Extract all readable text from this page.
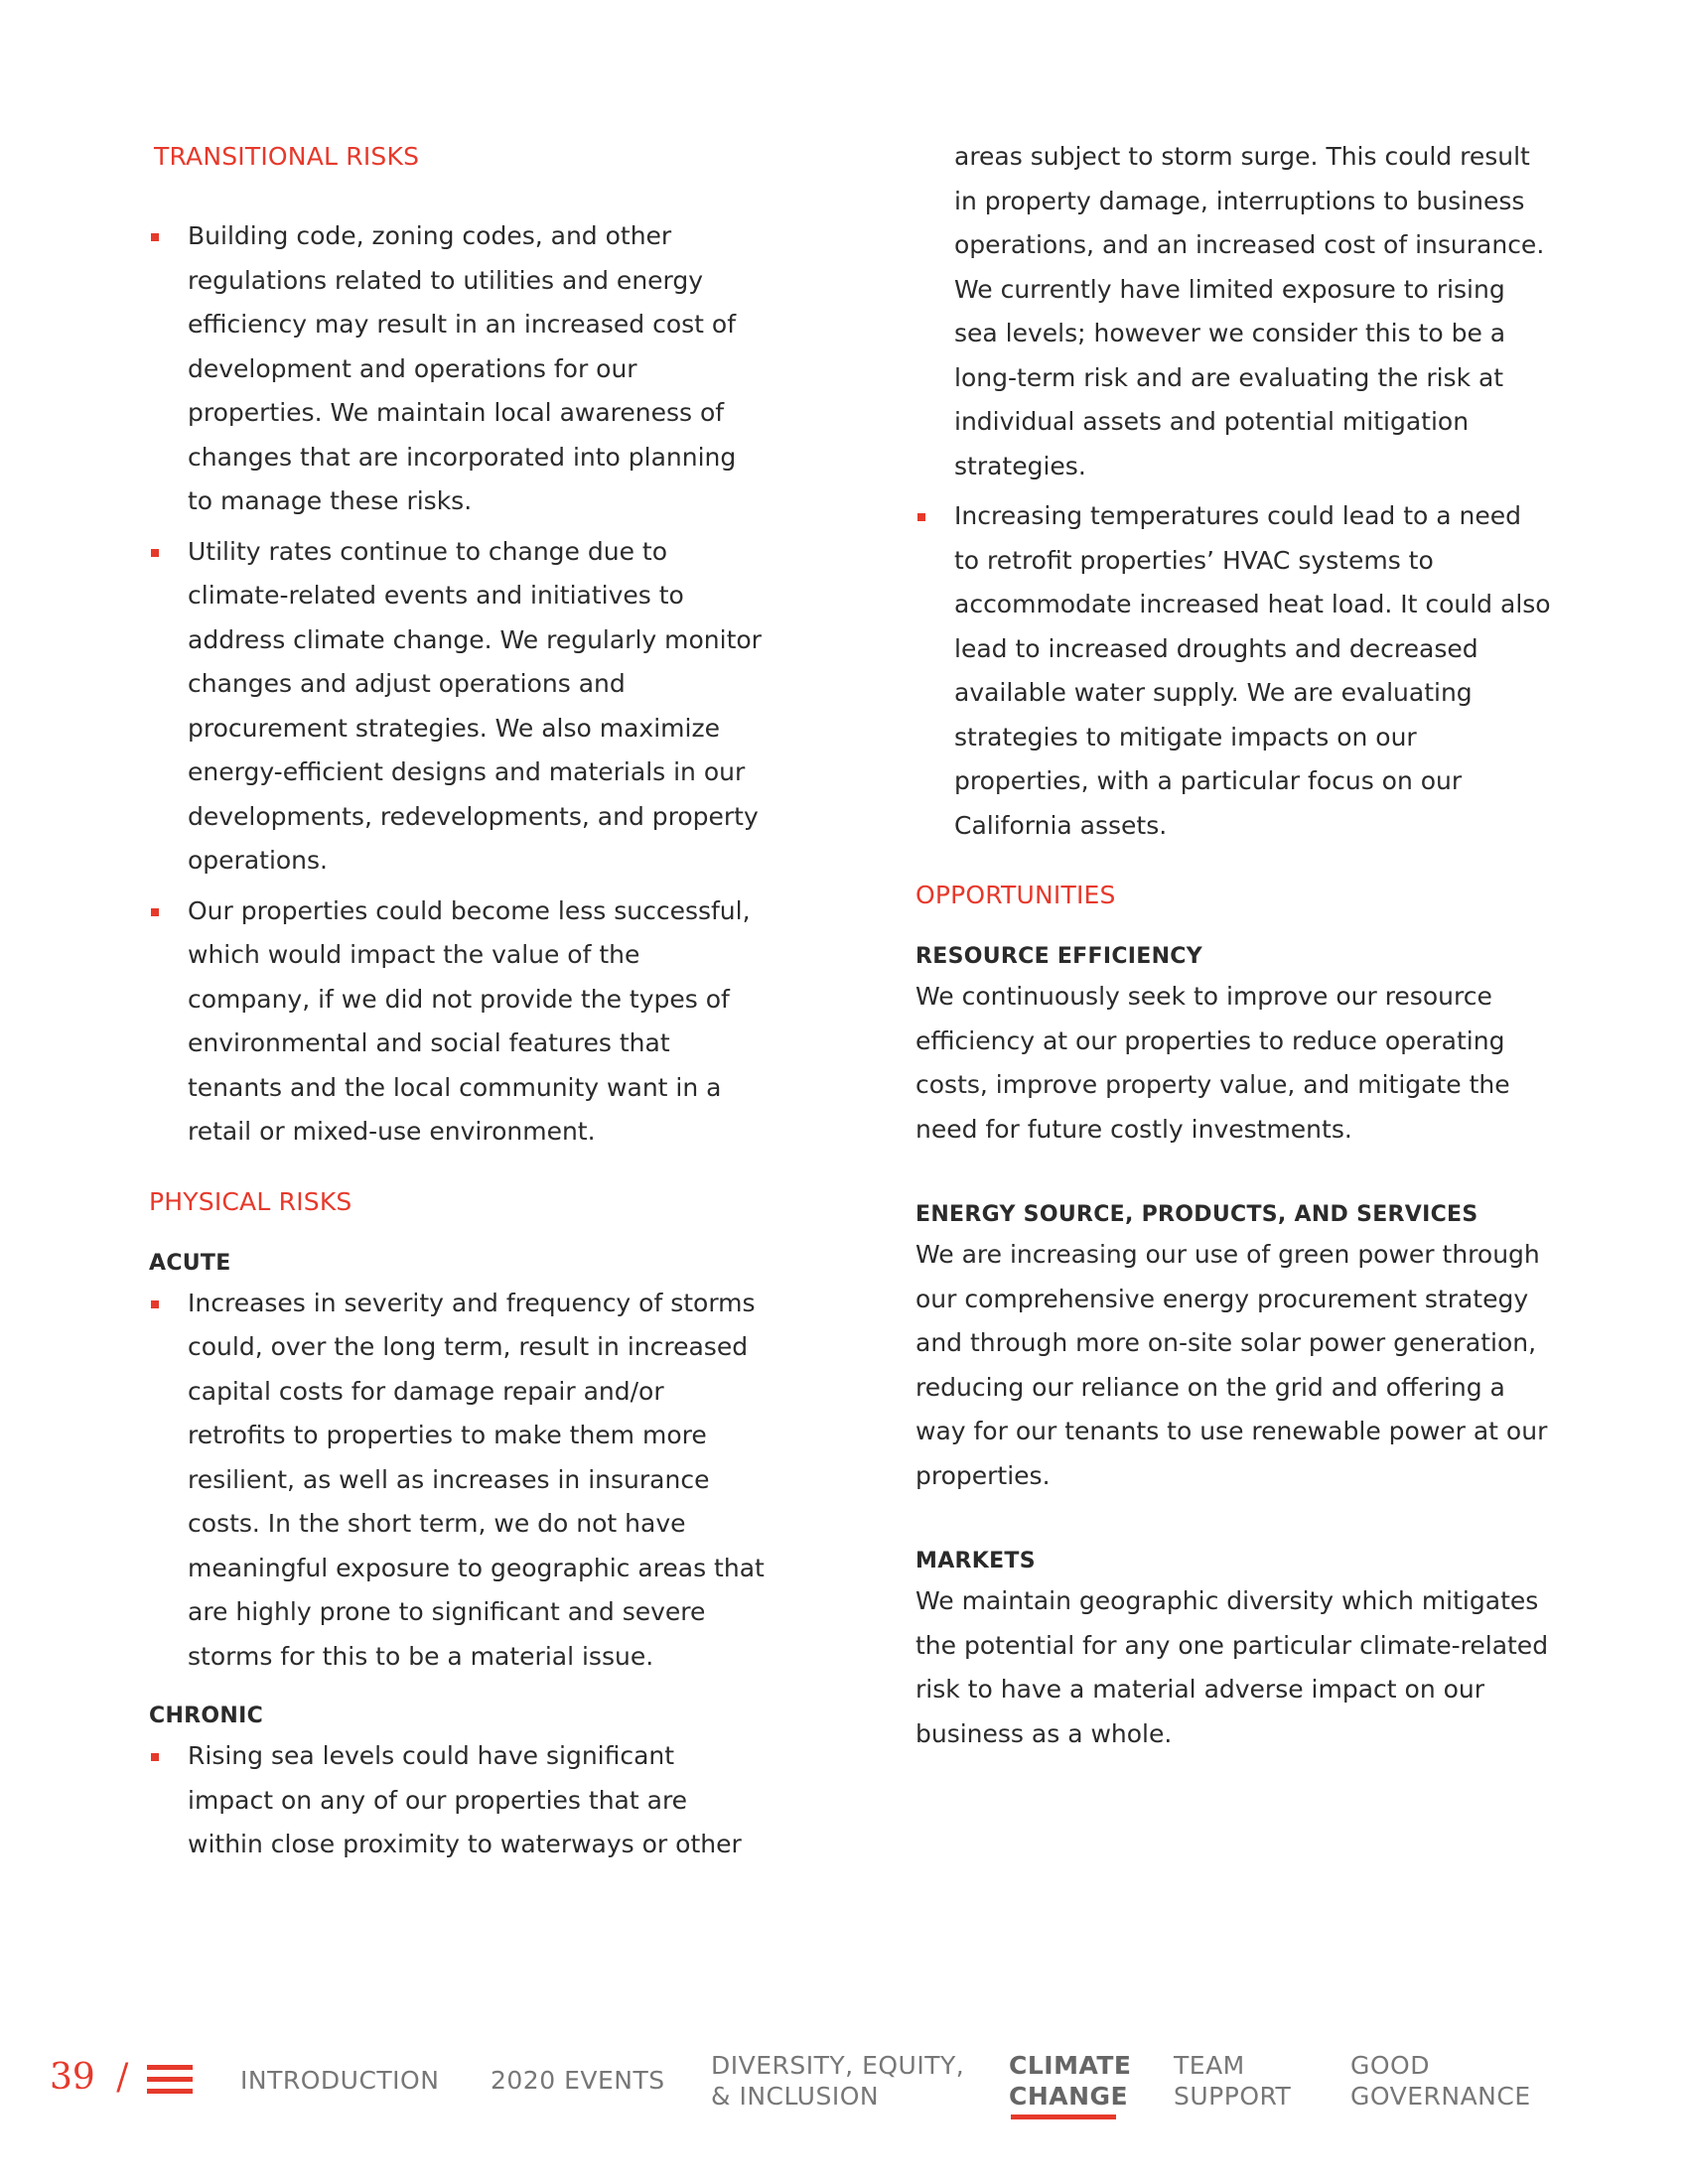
TRANSITIONAL RISKS
Building code, zoning codes, and other regulations related to utilities and energy efficiency may result in an increased cost of development and operations for our properties. We maintain local awareness of changes that are incorporated into planning to manage these risks.
Utility rates continue to change due to climate-related events and initiatives to address climate change. We regularly monitor changes and adjust operations and procurement strategies. We also maximize energy-efficient designs and materials in our developments, redevelopments, and property operations.
Our properties could become less successful, which would impact the value of the company, if we did not provide the types of environmental and social features that tenants and the local community want in a retail or mixed-use environment.
PHYSICAL RISKS
ACUTE
Increases in severity and frequency of storms could, over the long term, result in increased capital costs for damage repair and/or retrofits to properties to make them more resilient, as well as increases in insurance costs. In the short term, we do not have meaningful exposure to geographic areas that are highly prone to significant and severe storms for this to be a material issue.
CHRONIC
Rising sea levels could have significant impact on any of our properties that are within close proximity to waterways or other

areas subject to storm surge. This could result in property damage, interruptions to business operations, and an increased cost of insurance. We currently have limited exposure to rising sea levels; however we consider this to be a long-term risk and are evaluating the risk at individual assets and potential mitigation strategies.

Increasing temperatures could lead to a need to retrofit properties’ HVAC systems to accommodate increased heat load. It could also lead to increased droughts and decreased available water supply. We are evaluating strategies to mitigate impacts on our properties, with a particular focus on our California assets.
OPPORTUNITIES
RESOURCE EFFICIENCY

We continuously seek to improve our resource efficiency at our properties to reduce operating costs, improve property value, and mitigate the need for future costly investments.

ENERGY SOURCE, PRODUCTS, AND SERVICES

We are increasing our use of green power through our comprehensive energy procurement strategy and through more on-site solar power generation, reducing our reliance on the grid and offering a way for our tenants to use renewable power at our properties.

MARKETS

We maintain geographic diversity which mitigates the potential for any one particular climate-related risk to have a material adverse impact on our business as a whole.

39 /	INTRODUCTION 2020 EVENTS
DIVERSITY, EQUITY,
& INCLUSION
CLIMATE
CHANGE
TEAM
SUPPORT
GOOD
GOVERNANCE
